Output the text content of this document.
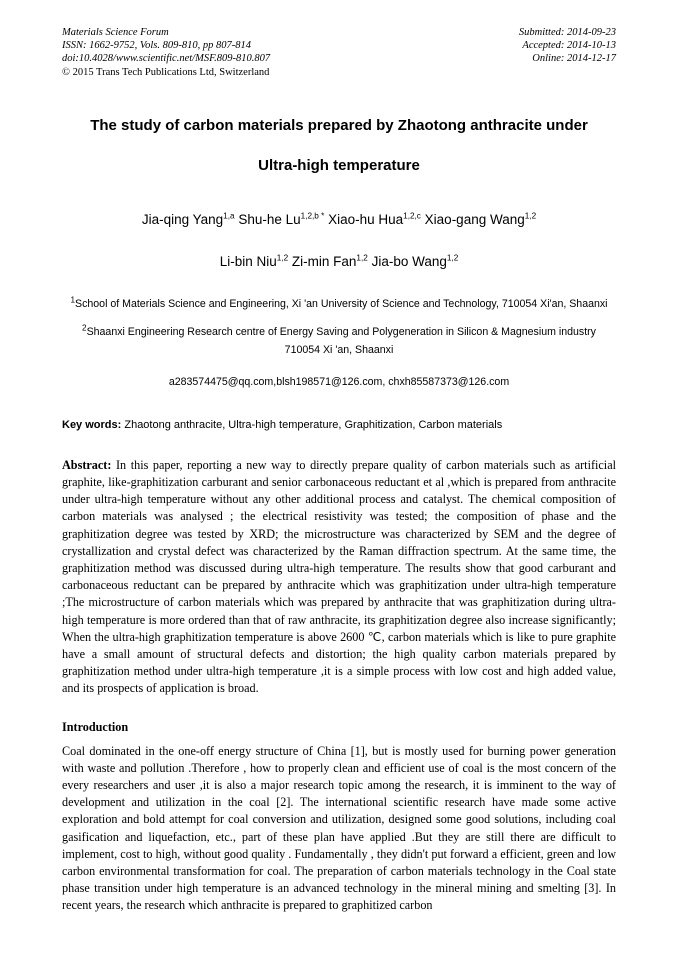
Materials Science Forum
ISSN: 1662-9752, Vols. 809-810, pp 807-814
doi:10.4028/www.scientific.net/MSF.809-810.807
© 2015 Trans Tech Publications Ltd, Switzerland
Submitted: 2014-09-23
Accepted: 2014-10-13
Online: 2014-12-17
The study of carbon materials prepared by Zhaotong anthracite under
Ultra-high temperature
Jia-qing Yang$^{1,a}$ Shu-he $Lu^{1,2,b *}$ Xiao-hu Hua$^{1,2,c}$ Xiao-gang Wang$^{1,2}$
Li-bin Niu$^{1,2}$ Zi-min Fan$^{1,2}$ Jia-bo Wang$^{1,2}$
$^1$School of Materials Science and Engineering, Xi 'an University of Science and Technology, 710054 Xi'an, Shaanxi
$^2$Shaanxi Engineering Research centre of Energy Saving and Polygeneration in Silicon & Magnesium industry 710054 Xi 'an, Shaanxi
a283574475@qq.com,blsh198571@126.com, chxh85587373@126.com
Key words: Zhaotong anthracite, Ultra-high temperature, Graphitization, Carbon materials
Abstract: In this paper, reporting a new way to directly prepare quality of carbon materials such as artificial graphite, like-graphitization carburant and senior carbonaceous reductant et al ,which is prepared from anthracite under ultra-high temperature without any other additional process and catalyst. The chemical composition of carbon materials was analysed ; the electrical resistivity was tested; the composition of phase and the graphitization degree was tested by XRD; the microstructure was characterized by SEM and the degree of crystallization and crystal defect was characterized by the Raman diffraction spectrum. At the same time, the graphitization method was discussed during ultra-high temperature. The results show that good carburant and carbonaceous reductant can be prepared by anthracite which was graphitization under ultra-high temperature ;The microstructure of carbon materials which was prepared by anthracite that was graphitization during ultra-high temperature is more ordered than that of raw anthracite, its graphitization degree also increase significantly; When the ultra-high graphitization temperature is above 2600 ℃, carbon materials which is like to pure graphite have a small amount of structural defects and distortion; the high quality carbon materials prepared by graphitization method under ultra-high temperature ,it is a simple process with low cost and high added value, and its prospects of application is broad.
Introduction
Coal dominated in the one-off energy structure of China [1], but is mostly used for burning power generation with waste and pollution .Therefore , how to properly clean and efficient use of coal is the most concern of the every researchers and user ,it is also a major research topic among the research, it is imminent to the way of development and utilization in the coal [2]. The international scientific research have made some active exploration and bold attempt for coal conversion and utilization, designed some good solutions, including coal gasification and liquefaction, etc., part of these plan have applied .But they are still there are difficult to implement, cost to high, without good quality . Fundamentally , they didn't put forward a efficient, green and low carbon environmental transformation for coal. The preparation of carbon materials technology in the Coal state phase transition under high temperature is an advanced technology in the mineral mining and smelting [3]. In recent years, the research which anthracite is prepared to graphitized carbon
